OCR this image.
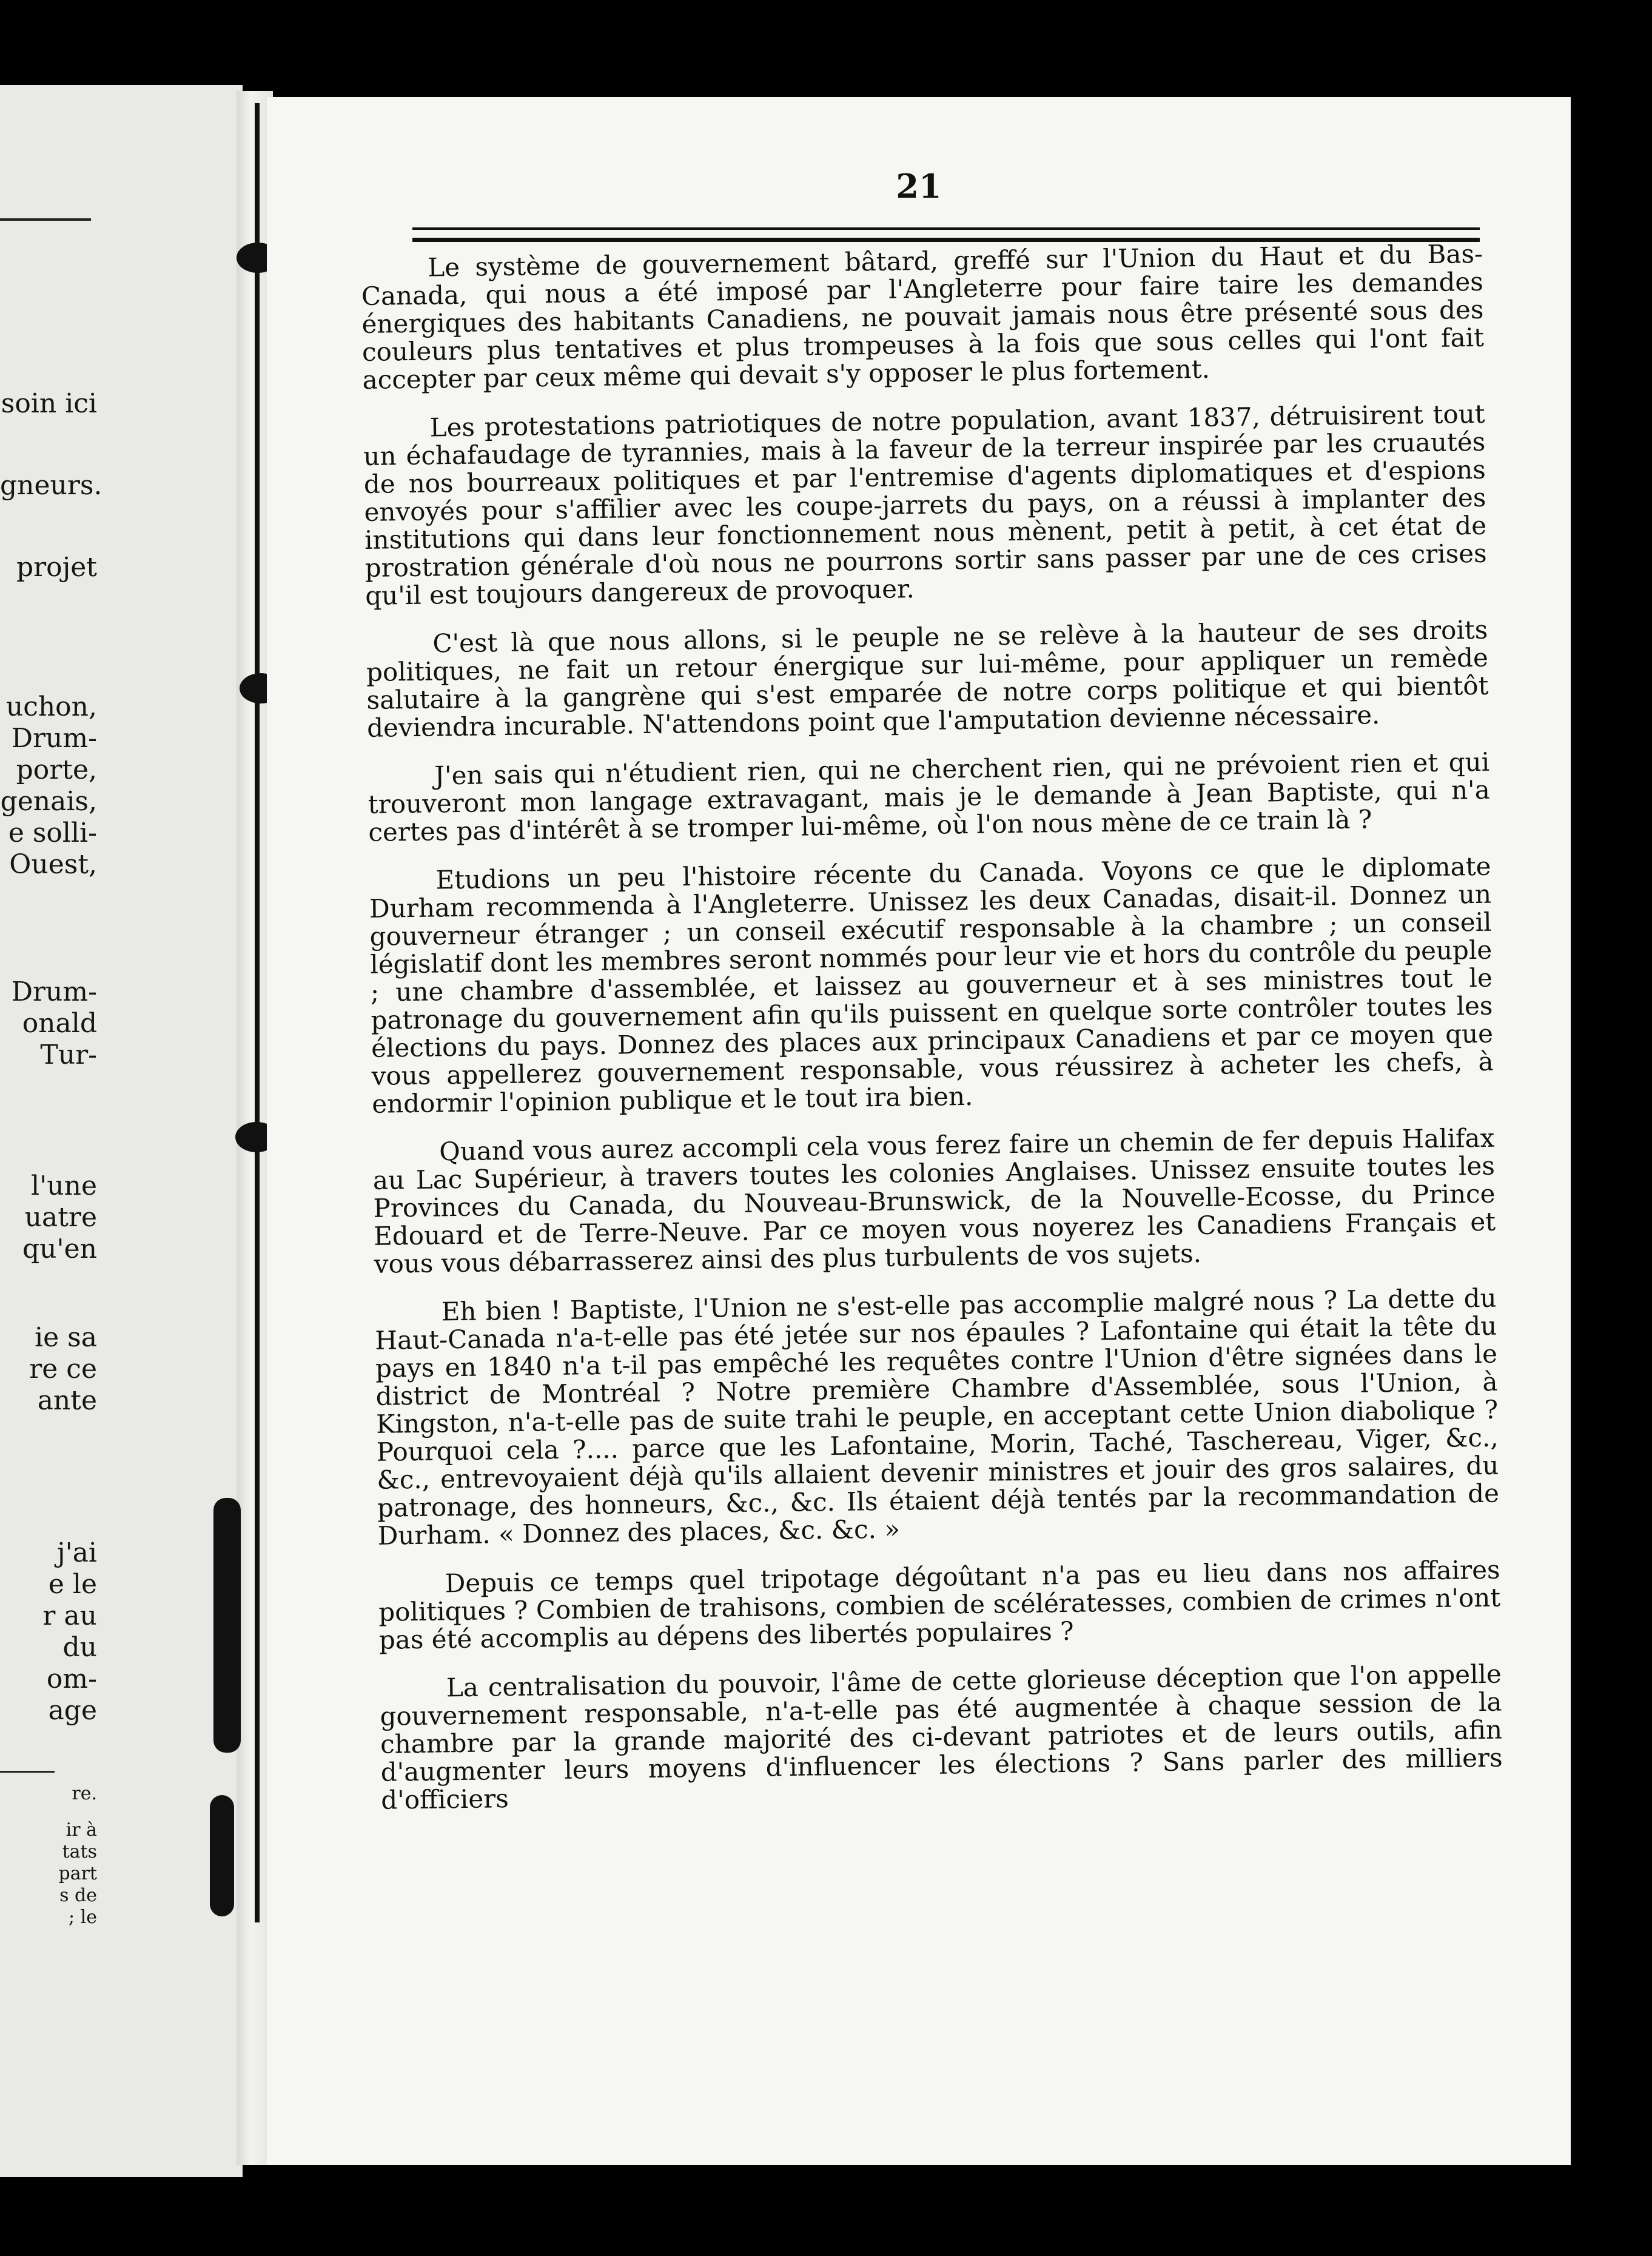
soin ici
gneurs.
projet
uchon,
Drum-
porte,
genais,
e solli-
Ouest,
Drum-
onald
Tur-
l'une
uatre
qu'en
ie sa
re ce
ante
j'ai
e le
r au
du
om-
age
re.
ir à
tats
part
s de
; le
21

Le système de gouvernement bâtard, greffé sur l'Union du Haut et du Bas-Canada, qui nous a été imposé par l'Angleterre pour faire taire les demandes énergiques des habitants Canadiens, ne pouvait jamais nous être présenté sous des couleurs plus tentatives et plus trompeuses à la fois que sous celles qui l'ont fait accepter par ceux même qui devait s'y opposer le plus fortement.

Les protestations patriotiques de notre population, avant 1837, détruisirent tout un échafaudage de tyrannies, mais à la faveur de la terreur inspirée par les cruautés de nos bourreaux politiques et par l'entremise d'agents diplomatiques et d'espions envoyés pour s'affilier avec les coupe-jarrets du pays, on a réussi à implanter des institutions qui dans leur fonctionnement nous mènent, petit à petit, à cet état de prostration générale d'où nous ne pourrons sortir sans passer par une de ces crises qu'il est toujours dangereux de provoquer.

C'est là que nous allons, si le peuple ne se relève à la hauteur de ses droits politiques, ne fait un retour énergique sur lui-même, pour appliquer un remède salutaire à la gangrène qui s'est emparée de notre corps politique et qui bientôt deviendra incurable. N'attendons point que l'amputation devienne nécessaire.

J'en sais qui n'étudient rien, qui ne cherchent rien, qui ne prévoient rien et qui trouveront mon langage extravagant, mais je le demande à Jean Baptiste, qui n'a certes pas d'intérêt à se tromper lui-même, où l'on nous mène de ce train là ?

Etudions un peu l'histoire récente du Canada. Voyons ce que le diplomate Durham recommenda à l'Angleterre. Unissez les deux Canadas, disait-il. Donnez un gouverneur étranger ; un conseil exécutif responsable à la chambre ; un conseil législatif dont les membres seront nommés pour leur vie et hors du contrôle du peuple ; une chambre d'assemblée, et laissez au gouverneur et à ses ministres tout le patronage du gouvernement afin qu'ils puissent en quelque sorte contrôler toutes les élections du pays. Donnez des places aux principaux Canadiens et par ce moyen que vous appellerez gouvernement responsable, vous réussirez à acheter les chefs, à endormir l'opinion publique et le tout ira bien.

Quand vous aurez accompli cela vous ferez faire un chemin de fer depuis Halifax au Lac Supérieur, à travers toutes les colonies Anglaises. Unissez ensuite toutes les Provinces du Canada, du Nouveau-Brunswick, de la Nouvelle-Ecosse, du Prince Edouard et de Terre-Neuve. Par ce moyen vous noyerez les Canadiens Français et vous vous débarrasserez ainsi des plus turbulents de vos sujets.

Eh bien ! Baptiste, l'Union ne s'est-elle pas accomplie malgré nous ? La dette du Haut-Canada n'a-t-elle pas été jetée sur nos épaules ? Lafontaine qui était la tête du pays en 1840 n'a t-il pas empêché les requêtes contre l'Union d'être signées dans le district de Montréal ? Notre première Chambre d'Assemblée, sous l'Union, à Kingston, n'a-t-elle pas de suite trahi le peuple, en acceptant cette Union diabolique ? Pourquoi cela ?.... parce que les Lafontaine, Morin, Taché, Taschereau, Viger, &c., &c., entrevoyaient déjà qu'ils allaient devenir ministres et jouir des gros salaires, du patronage, des honneurs, &c., &c. Ils étaient déjà tentés par la recommandation de Durham. « Donnez des places, &c. &c. »

Depuis ce temps quel tripotage dégoûtant n'a pas eu lieu dans nos affaires politiques ? Combien de trahisons, combien de scélératesses, combien de crimes n'ont pas été accomplis au dépens des libertés populaires ?

La centralisation du pouvoir, l'âme de cette glorieuse déception que l'on appelle gouvernement responsable, n'a-t-elle pas été augmentée à chaque session de la chambre par la grande majorité des ci-devant patriotes et de leurs outils, afin d'augmenter leurs moyens d'influencer les élections ? Sans parler des milliers d'officiers
